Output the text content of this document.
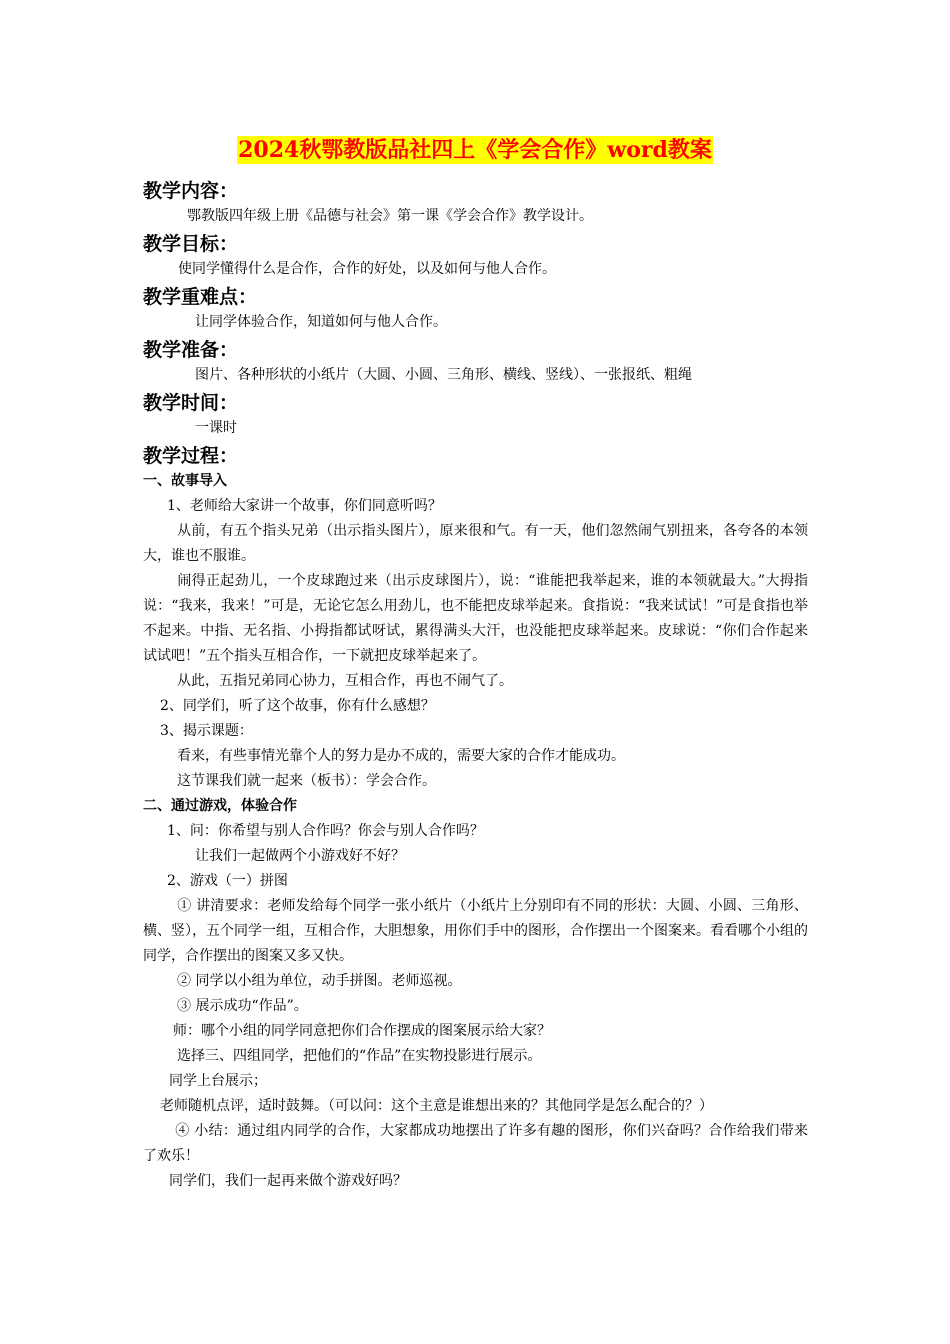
2024秋鄂教版品社四上《学会合作》word教案
教学内容：
鄂教版四年级上册《品德与社会》第一课《学会合作》教学设计。
教学目标：
使同学懂得什么是合作，合作的好处，以及如何与他人合作。
教学重难点：
让同学体验合作，知道如何与他人合作。
教学准备：
图片、各种形状的小纸片（大圆、小圆、三角形、横线、竖线）、一张报纸、粗绳
教学时间：
一课时
教学过程：
一、故事导入
1、老师给大家讲一个故事，你们同意听吗？
从前，有五个指头兄弟（出示指头图片），原来很和气。有一天，他们忽然闹气别扭来，各夸各的本领大，谁也不服谁。
闹得正起劲儿，一个皮球跑过来（出示皮球图片），说：“谁能把我举起来，谁的本领就最大。”大拇指说：“我来，我来！”可是，无论它怎么用劲儿，也不能把皮球举起来。食指说：“我来试试！”可是食指也举不起来。中指、无名指、小拇指都试呀试，累得满头大汗，也没能把皮球举起来。皮球说：“你们合作起来试试吧！”五个指头互相合作，一下就把皮球举起来了。
从此，五指兄弟同心协力，互相合作，再也不闹气了。
2、同学们，听了这个故事，你有什么感想？
3、揭示课题：
看来，有些事情光靠个人的努力是办不成的，需要大家的合作才能成功。
这节课我们就一起来（板书）：学会合作。
二、通过游戏，体验合作
1、问：你希望与别人合作吗？你会与别人合作吗？
让我们一起做两个小游戏好不好？
2、游戏（一）拼图
① 讲清要求：老师发给每个同学一张小纸片（小纸片上分别印有不同的形状：大圆、小圆、三角形、横、竖），五个同学一组，互相合作，大胆想象，用你们手中的图形，合作摆出一个图案来。看看哪个小组的同学，合作摆出的图案又多又快。
② 同学以小组为单位，动手拼图。老师巡视。
③ 展示成功“作品”。
师：哪个小组的同学同意把你们合作摆成的图案展示给大家？
选择三、四组同学，把他们的“作品”在实物投影进行展示。
同学上台展示；
老师随机点评，适时鼓舞。（可以问：这个主意是谁想出来的？其他同学是怎么配合的？）
④ 小结：通过组内同学的合作，大家都成功地摆出了许多有趣的图形，你们兴奋吗？合作给我们带来了欢乐！
同学们，我们一起再来做个游戏好吗？
